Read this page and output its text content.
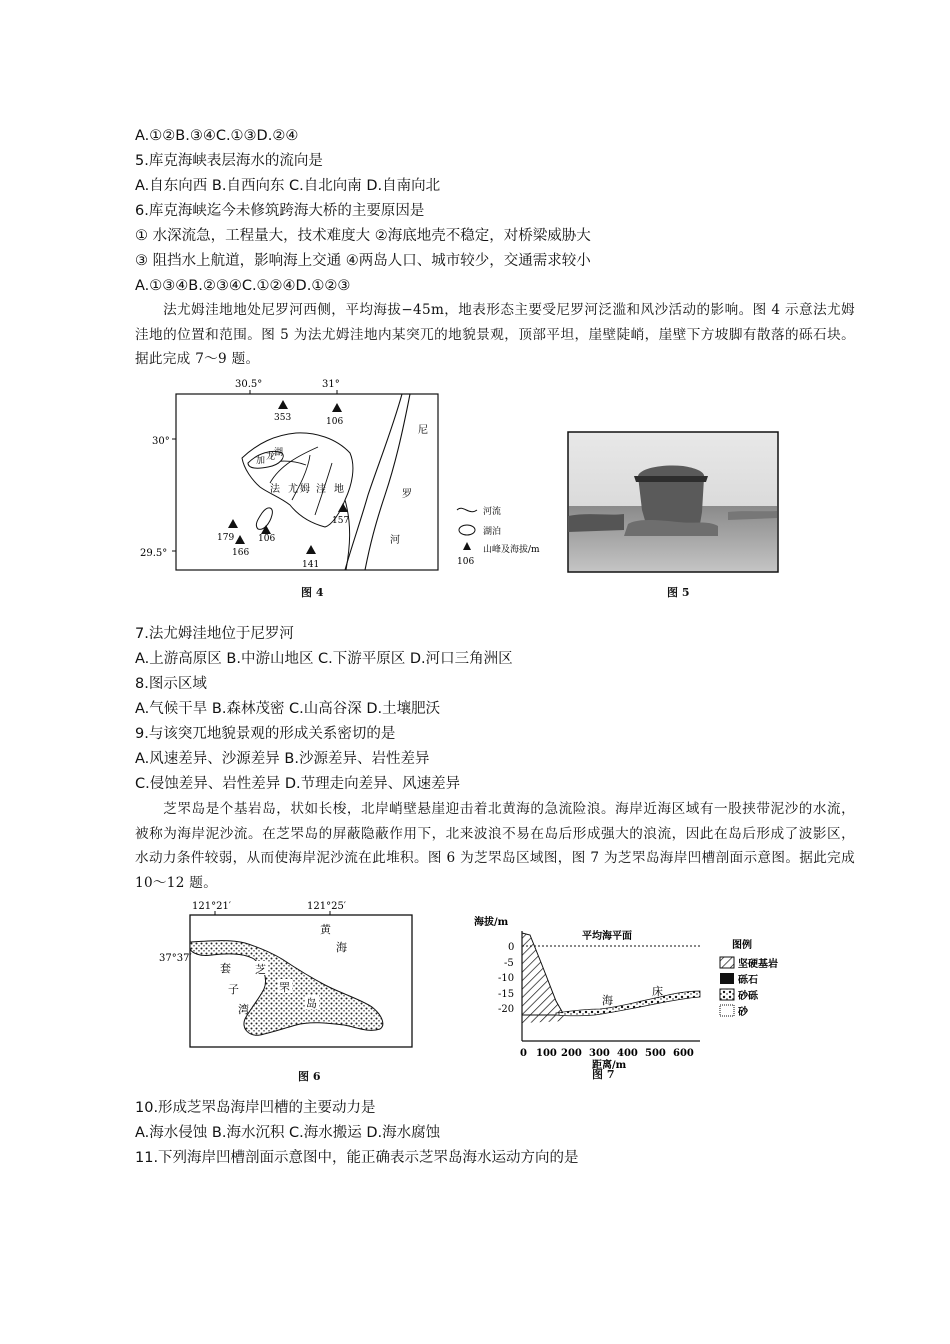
A.①②B.③④C.①③D.②④
5.库克海峡表层海水的流向是
A.自东向西 B.自西向东 C.自北向南 D.自南向北
6.库克海峡迄今未修筑跨海大桥的主要原因是
① 水深流急，工程量大，技术难度大 ②海底地壳不稳定，对桥梁威胁大
③ 阻挡水上航道，影响海上交通 ④两岛人口、城市较少，交通需求较小
A.①③④B.②③④C.①②④D.①②③
法尤姆洼地地处尼罗河西侧，平均海拔−45m，地表形态主要受尼罗河泛滥和风沙活动的影响。图 4 示意法尤姆洼地的位置和范围。图 5 为法尤姆洼地内某突兀的地貌景观，顶部平坦，崖壁陡峭，崖壁下方坡脚有散落的砾石块。据此完成 7～9 题。
30.5°	31°
30°
29.5°
加 龙
湖
法 尤 姆 洼 地
尼
罗
河
353	106
157
179
166
106
141
河流
湖泊
山峰及海拔/m
106
图 4	图 5
7.法尤姆洼地位于尼罗河
A.上游高原区 B.中游山地区 C.下游平原区 D.河口三角洲区
8.图示区域
A.气候干旱 B.森林茂密 C.山高谷深 D.土壤肥沃
9.与该突兀地貌景观的形成关系密切的是
A.风速差异、沙源差异 B.沙源差异、岩性差异
C.侵蚀差异、岩性差异 D.节理走向差异、风速差异
芝罘岛是个基岩岛，状如长梭，北岸峭壁悬崖迎击着北黄海的急流险浪。海岸近海区域有一股挟带泥沙的水流，被称为海岸泥沙流。在芝罘岛的屏蔽隐蔽作用下，北来波浪不易在岛后形成强大的浪流，因此在岛后形成了波影区，水动力条件较弱，从而使海岸泥沙流在此堆积。图 6 为芝罘岛区域图，图 7 为芝罘岛海岸凹槽剖面示意图。据此完成 10～12 题。
121°21′	121°25′
37°37′
黄
海
套
子
湾
芝
罘
岛
图 6
海拔/m
0
-5
-10
-15
-20
平均海平面
海
床
0 100 200 300 400 500 600
距离/m
图例
坚硬基岩
砾石
砂砾
砂
图 7
10.形成芝罘岛海岸凹槽的主要动力是
A.海水侵蚀 B.海水沉积 C.海水搬运 D.海水腐蚀
11.下列海岸凹槽剖面示意图中，能正确表示芝罘岛海水运动方向的是
